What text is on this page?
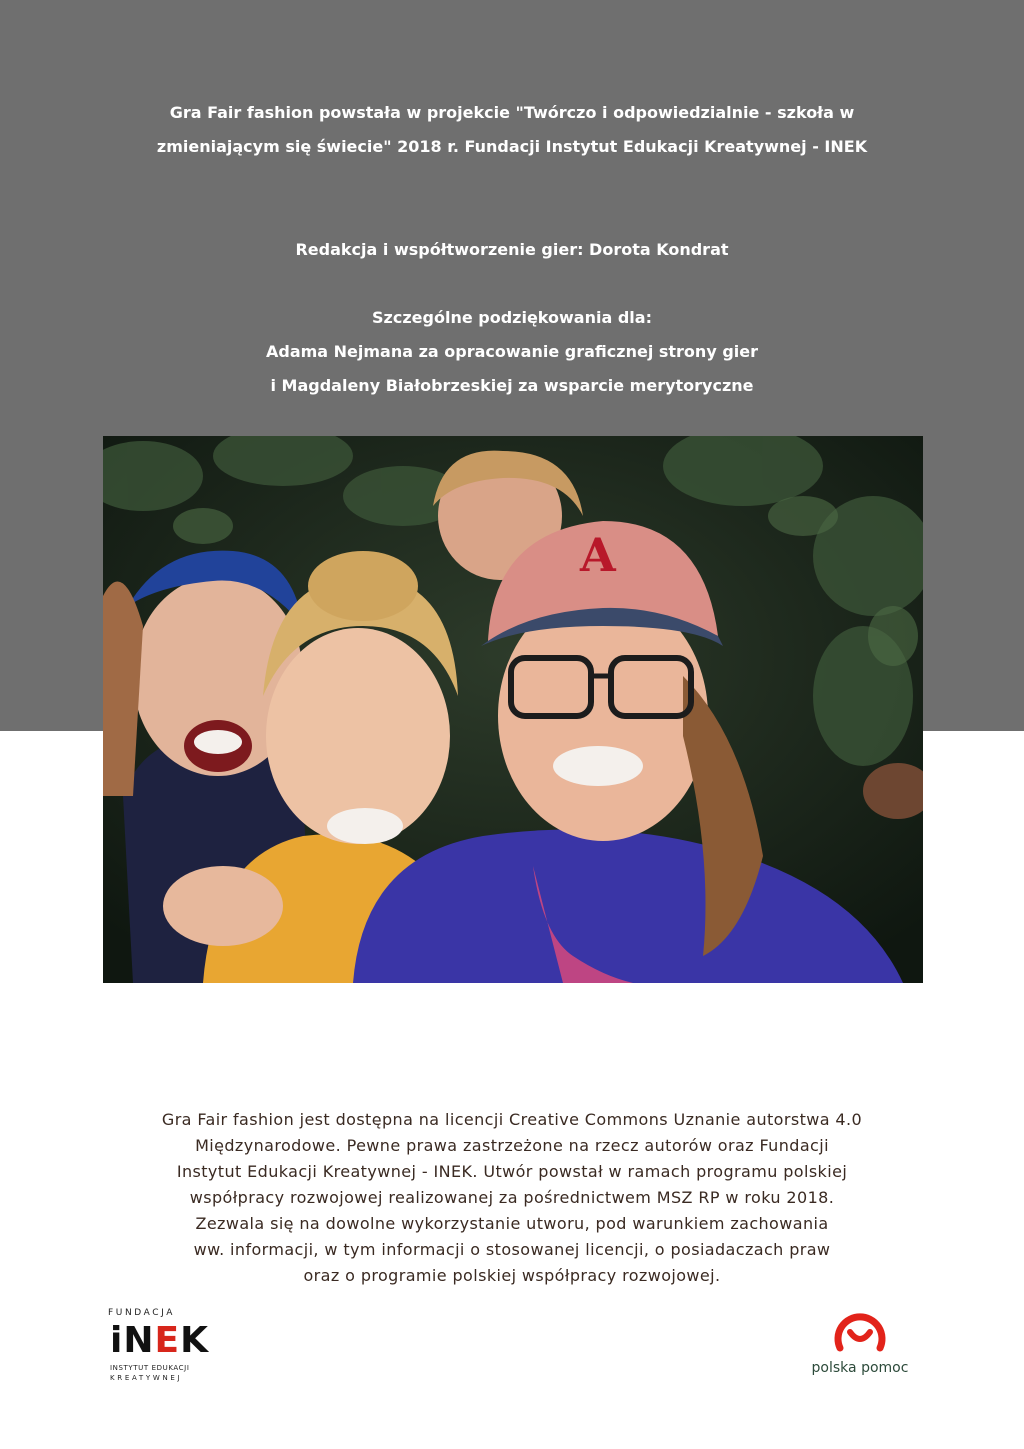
Gra Fair fashion powstała w projekcie "Twórczo i odpowiedzialnie - szkoła w
zmieniającym się świecie" 2018 r. Fundacji Instytut Edukacji Kreatywnej - INEK

Redakcja i współtworzenie gier: Dorota Kondrat

Szczególne podziękowania dla:
Adama Nejmana za opracowanie graficznej strony gier
i Magdaleny Białobrzeskiej za wsparcie merytoryczne

A

Gra Fair fashion jest dostępna na licencji Creative Commons Uznanie autorstwa 4.0
Międzynarodowe. Pewne prawa zastrzeżone na rzecz autorów oraz Fundacji
Instytut Edukacji Kreatywnej - INEK. Utwór powstał w ramach programu polskiej
współpracy rozwojowej realizowanej za pośrednictwem MSZ RP w roku 2018.
Zezwala się na dowolne wykorzystanie utworu, pod warunkiem zachowania
ww. informacji, w tym informacji o stosowanej licencji, o posiadaczach praw
oraz o programie polskiej współpracy rozwojowej.

FUNDACJA
iNEK
INSTYTUT EDUKACJI
KREATYWNEJ
polska pomoc
